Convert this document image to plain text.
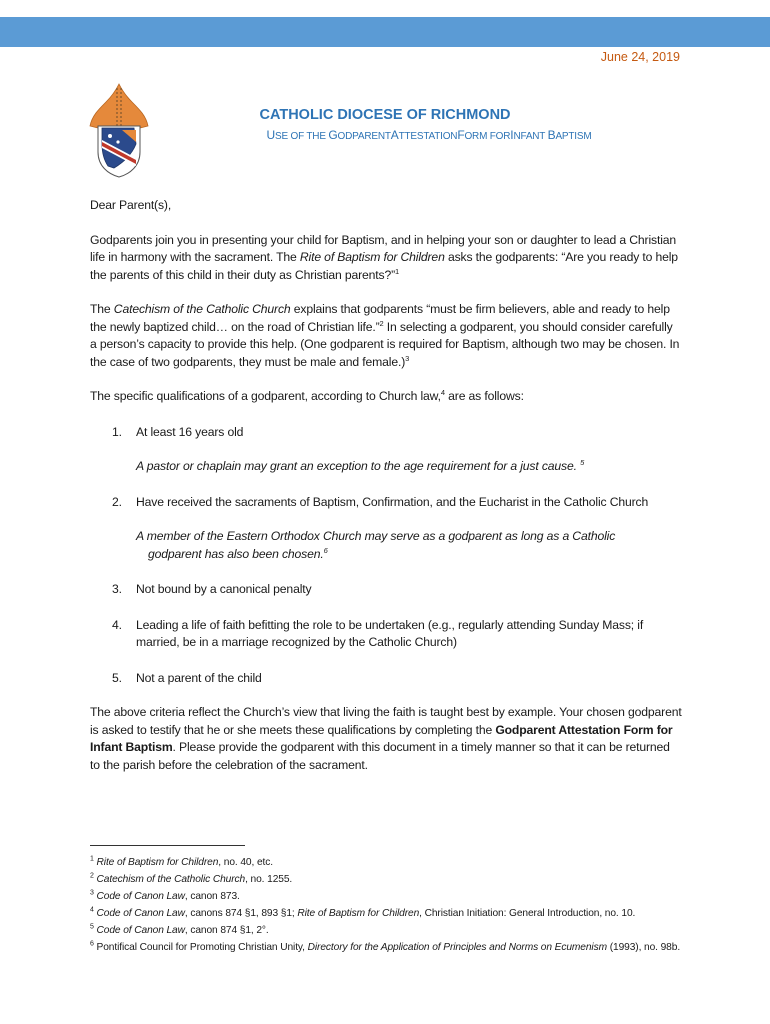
June 24, 2019
CATHOLIC DIOCESE OF RICHMOND
USE OF THE GODPARENTATTESTATIONFORM FORINFANT BAPTISM

Dear Parent(s),

Godparents join you in presenting your child for Baptism, and in helping your son or daughter to lead a Christian life in harmony with the sacrament. The Rite of Baptism for Children asks the godparents: “Are you ready to help the parents of this child in their duty as Christian parents?”$^1$

The Catechism of the Catholic Church explains that godparents “must be firm believers, able and ready to help the newly baptized child… on the road of Christian life.”$^2$ In selecting a godparent, you should consider carefully a person’s capacity to provide this help. (One godparent is required for Baptism, although two may be chosen. In the case of two godparents, they must be male and female.)$^3$

The specific qualifications of a godparent, according to Church law,$^4$ are as follows:

1. At least 16 years old
A pastor or chaplain may grant an exception to the age requirement for a just cause. $^5$
2. Have received the sacraments of Baptism, Confirmation, and the Eucharist in the Catholic Church
A member of the Eastern Orthodox Church may serve as a godparent as long as a Catholic
godparent has also been chosen.$^6$
3. Not bound by a canonical penalty
4. Leading a life of faith befitting the role to be undertaken (e.g., regularly attending Sunday Mass; if married, be in a marriage recognized by the Catholic Church)
5. Not a parent of the child

The above criteria reflect the Church’s view that living the faith is taught best by example. Your chosen godparent is asked to testify that he or she meets these qualifications by completing the Godparent Attestation Form for Infant Baptism. Please provide the godparent with this document in a timely manner so that it can be returned to the parish before the celebration of the sacrament.

$^1$ Rite of Baptism for Children, no. 40, etc.
$^2$ Catechism of the Catholic Church, no. 1255.
$^3$ Code of Canon Law, canon 873.
$^4$ Code of Canon Law, canons 874 §1, 893 §1; Rite of Baptism for Children, Christian Initiation: General Introduction, no. 10.
$^5$ Code of Canon Law, canon 874 §1, 2°.
$^6$ Pontifical Council for Promoting Christian Unity, Directory for the Application of Principles and Norms on Ecumenism (1993), no. 98b.
